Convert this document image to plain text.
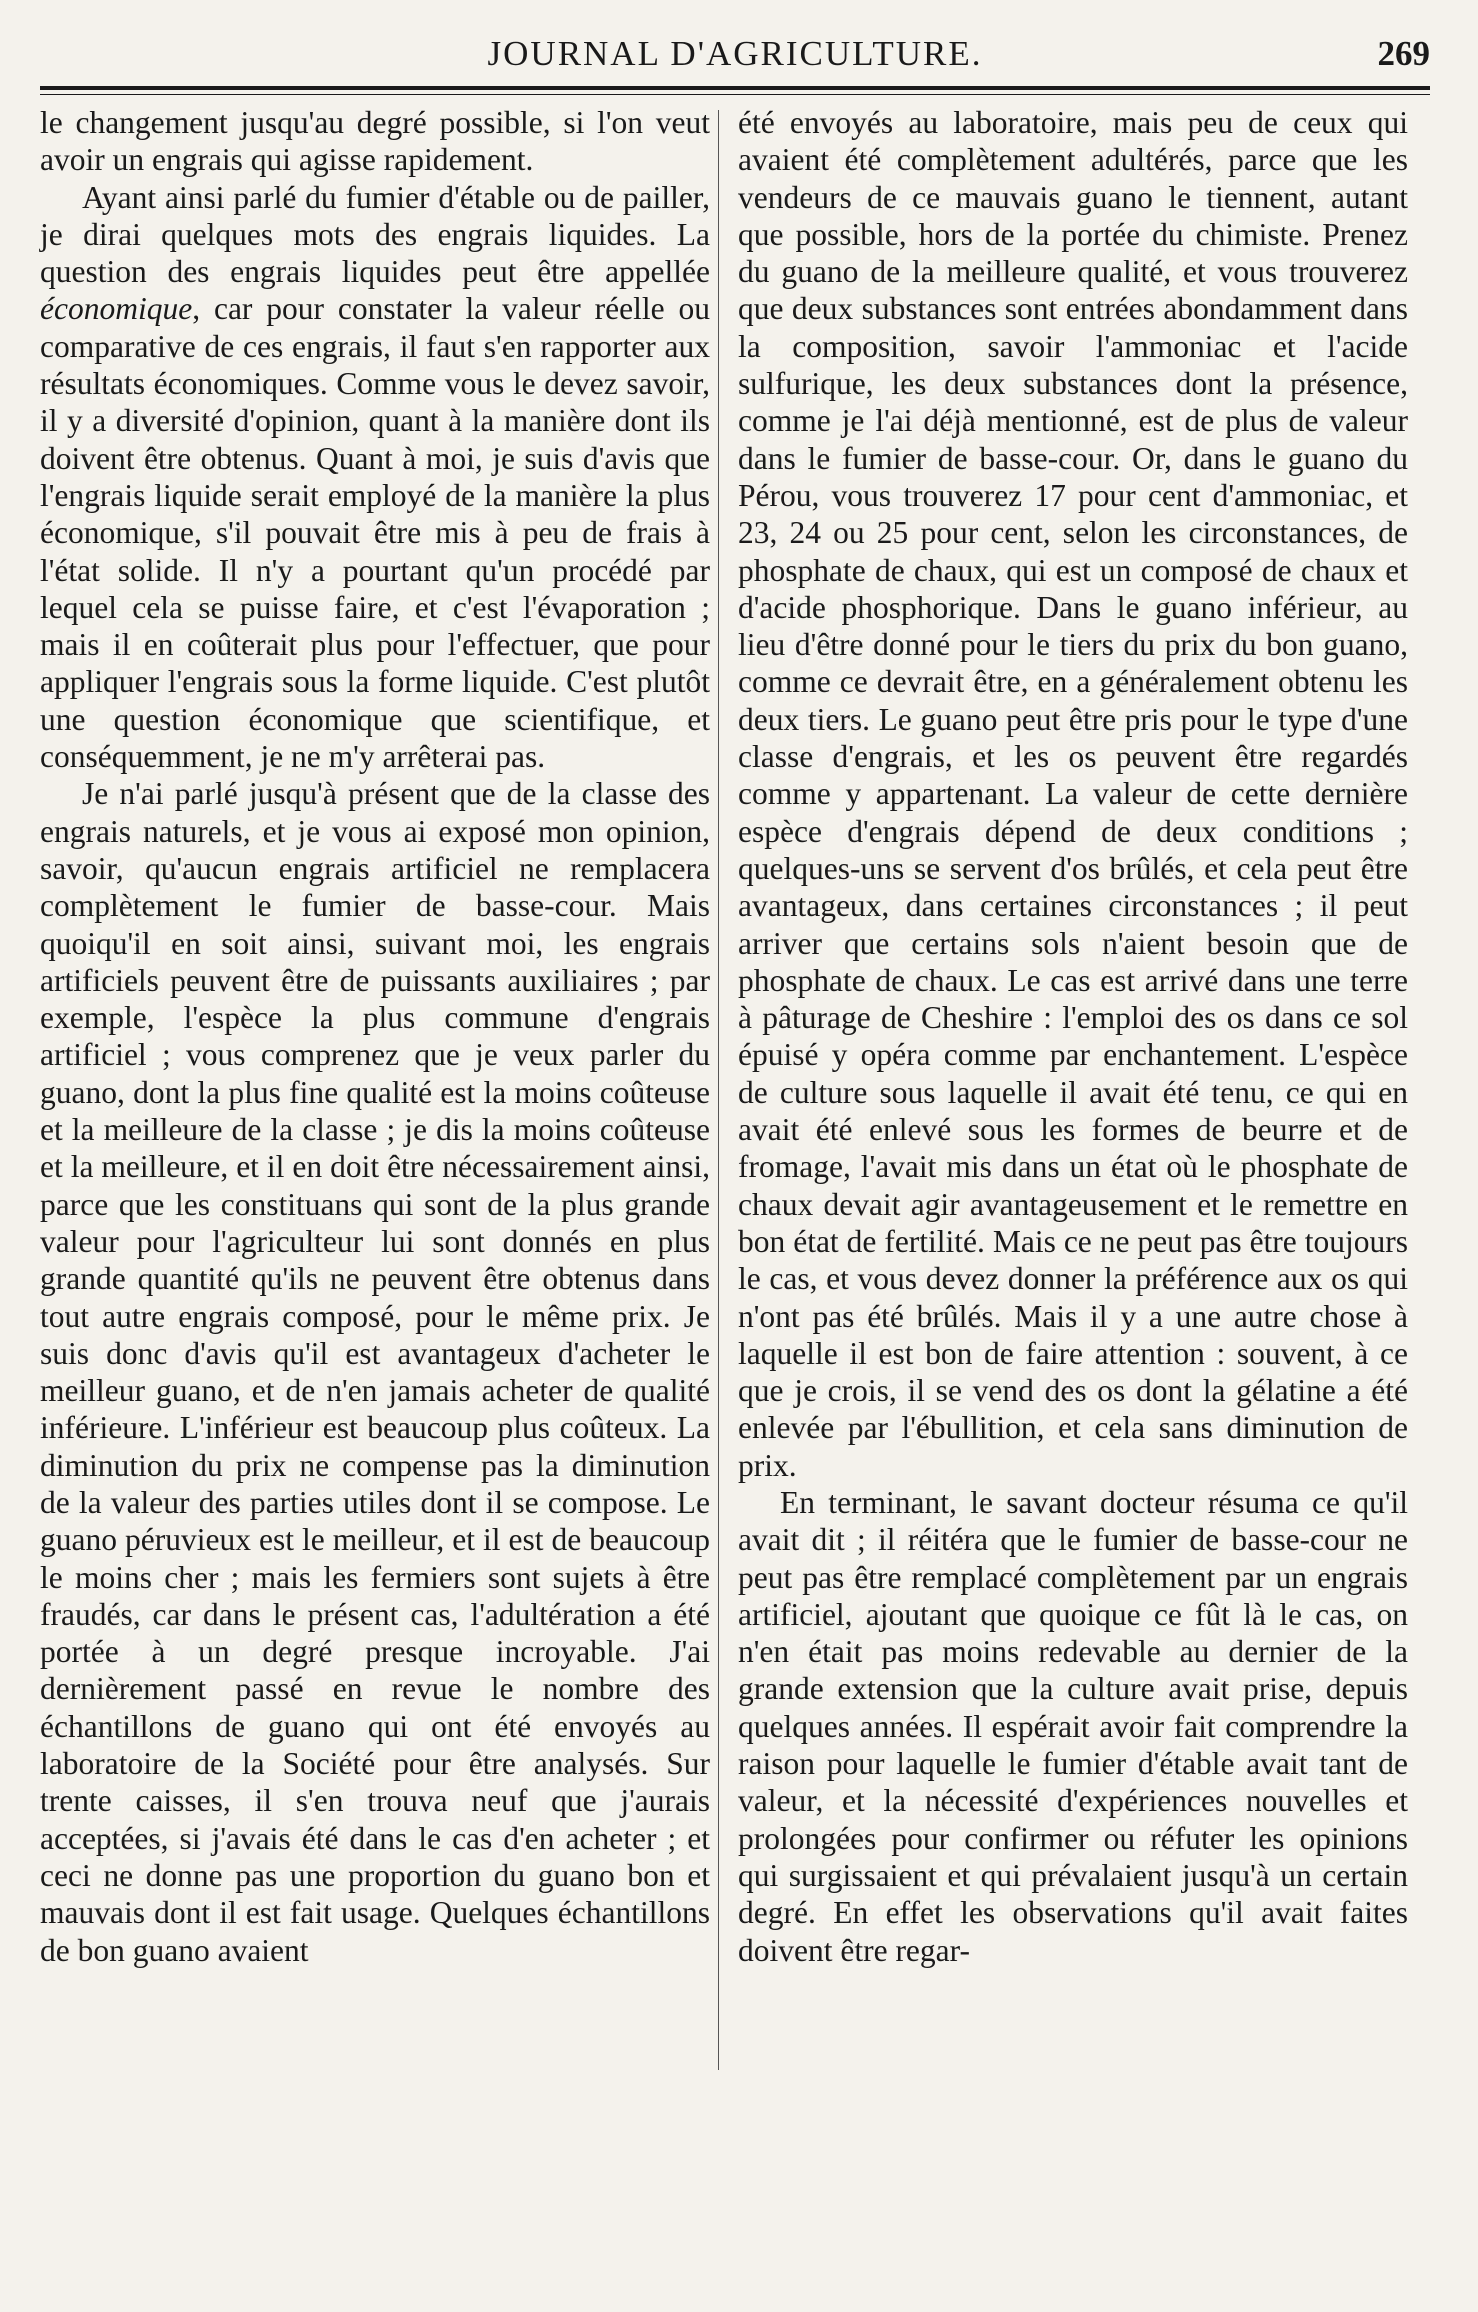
JOURNAL D'AGRICULTURE.	269

le changement jusqu'au degré possible, si l'on veut avoir un engrais qui agisse rapidement.

Ayant ainsi parlé du fumier d'étable ou de pailler, je dirai quelques mots des engrais liquides. La question des engrais liquides peut être appellée économique, car pour constater la valeur réelle ou comparative de ces engrais, il faut s'en rapporter aux résultats économiques. Comme vous le devez savoir, il y a diversité d'opinion, quant à la manière dont ils doivent être obtenus. Quant à moi, je suis d'avis que l'engrais liquide serait employé de la manière la plus économique, s'il pouvait être mis à peu de frais à l'état solide. Il n'y a pourtant qu'un procédé par lequel cela se puisse faire, et c'est l'évaporation ; mais il en coûterait plus pour l'effectuer, que pour appliquer l'engrais sous la forme liquide. C'est plutôt une question économique que scientifique, et conséquemment, je ne m'y arrêterai pas.

Je n'ai parlé jusqu'à présent que de la classe des engrais naturels, et je vous ai exposé mon opinion, savoir, qu'aucun engrais artificiel ne remplacera complètement le fumier de basse-cour. Mais quoiqu'il en soit ainsi, suivant moi, les engrais artificiels peuvent être de puissants auxiliaires ; par exemple, l'espèce la plus commune d'engrais artificiel ; vous comprenez que je veux parler du guano, dont la plus fine qualité est la moins coûteuse et la meilleure de la classe ; je dis la moins coûteuse et la meilleure, et il en doit être nécessairement ainsi, parce que les constituans qui sont de la plus grande valeur pour l'agriculteur lui sont donnés en plus grande quantité qu'ils ne peuvent être obtenus dans tout autre engrais composé, pour le même prix. Je suis donc d'avis qu'il est avantageux d'acheter le meilleur guano, et de n'en jamais acheter de qualité inférieure. L'inférieur est beaucoup plus coûteux. La diminution du prix ne compense pas la diminution de la valeur des parties utiles dont il se compose. Le guano péruvieux est le meilleur, et il est de beaucoup le moins cher ; mais les fermiers sont sujets à être fraudés, car dans le présent cas, l'adultération a été portée à un degré presque incroyable. J'ai dernièrement passé en revue le nombre des échantillons de guano qui ont été envoyés au laboratoire de la Société pour être analysés. Sur trente caisses, il s'en trouva neuf que j'aurais acceptées, si j'avais été dans le cas d'en acheter ; et ceci ne donne pas une proportion du guano bon et mauvais dont il est fait usage. Quelques échantillons de bon guano avaient

été envoyés au laboratoire, mais peu de ceux qui avaient été complètement adultérés, parce que les vendeurs de ce mauvais guano le tiennent, autant que possible, hors de la portée du chimiste. Prenez du guano de la meilleure qualité, et vous trouverez que deux substances sont entrées abondamment dans la composition, savoir l'ammoniac et l'acide sulfurique, les deux substances dont la présence, comme je l'ai déjà mentionné, est de plus de valeur dans le fumier de basse-cour. Or, dans le guano du Pérou, vous trouverez 17 pour cent d'ammoniac, et 23, 24 ou 25 pour cent, selon les circonstances, de phosphate de chaux, qui est un composé de chaux et d'acide phosphorique. Dans le guano inférieur, au lieu d'être donné pour le tiers du prix du bon guano, comme ce devrait être, en a généralement obtenu les deux tiers. Le guano peut être pris pour le type d'une classe d'engrais, et les os peuvent être regardés comme y appartenant. La valeur de cette dernière espèce d'engrais dépend de deux conditions ; quelques-uns se servent d'os brûlés, et cela peut être avantageux, dans certaines circonstances ; il peut arriver que certains sols n'aient besoin que de phosphate de chaux. Le cas est arrivé dans une terre à pâturage de Cheshire : l'emploi des os dans ce sol épuisé y opéra comme par enchantement. L'espèce de culture sous laquelle il avait été tenu, ce qui en avait été enlevé sous les formes de beurre et de fromage, l'avait mis dans un état où le phosphate de chaux devait agir avantageusement et le remettre en bon état de fertilité. Mais ce ne peut pas être toujours le cas, et vous devez donner la préférence aux os qui n'ont pas été brûlés. Mais il y a une autre chose à laquelle il est bon de faire attention : souvent, à ce que je crois, il se vend des os dont la gélatine a été enlevée par l'ébullition, et cela sans diminution de prix.

En terminant, le savant docteur résuma ce qu'il avait dit ; il réitéra que le fumier de basse-cour ne peut pas être remplacé complètement par un engrais artificiel, ajoutant que quoique ce fût là le cas, on n'en était pas moins redevable au dernier de la grande extension que la culture avait prise, depuis quelques années. Il espérait avoir fait comprendre la raison pour laquelle le fumier d'étable avait tant de valeur, et la nécessité d'expériences nouvelles et prolongées pour confirmer ou réfuter les opinions qui surgissaient et qui prévalaient jusqu'à un certain degré. En effet les observations qu'il avait faites doivent être regar-
